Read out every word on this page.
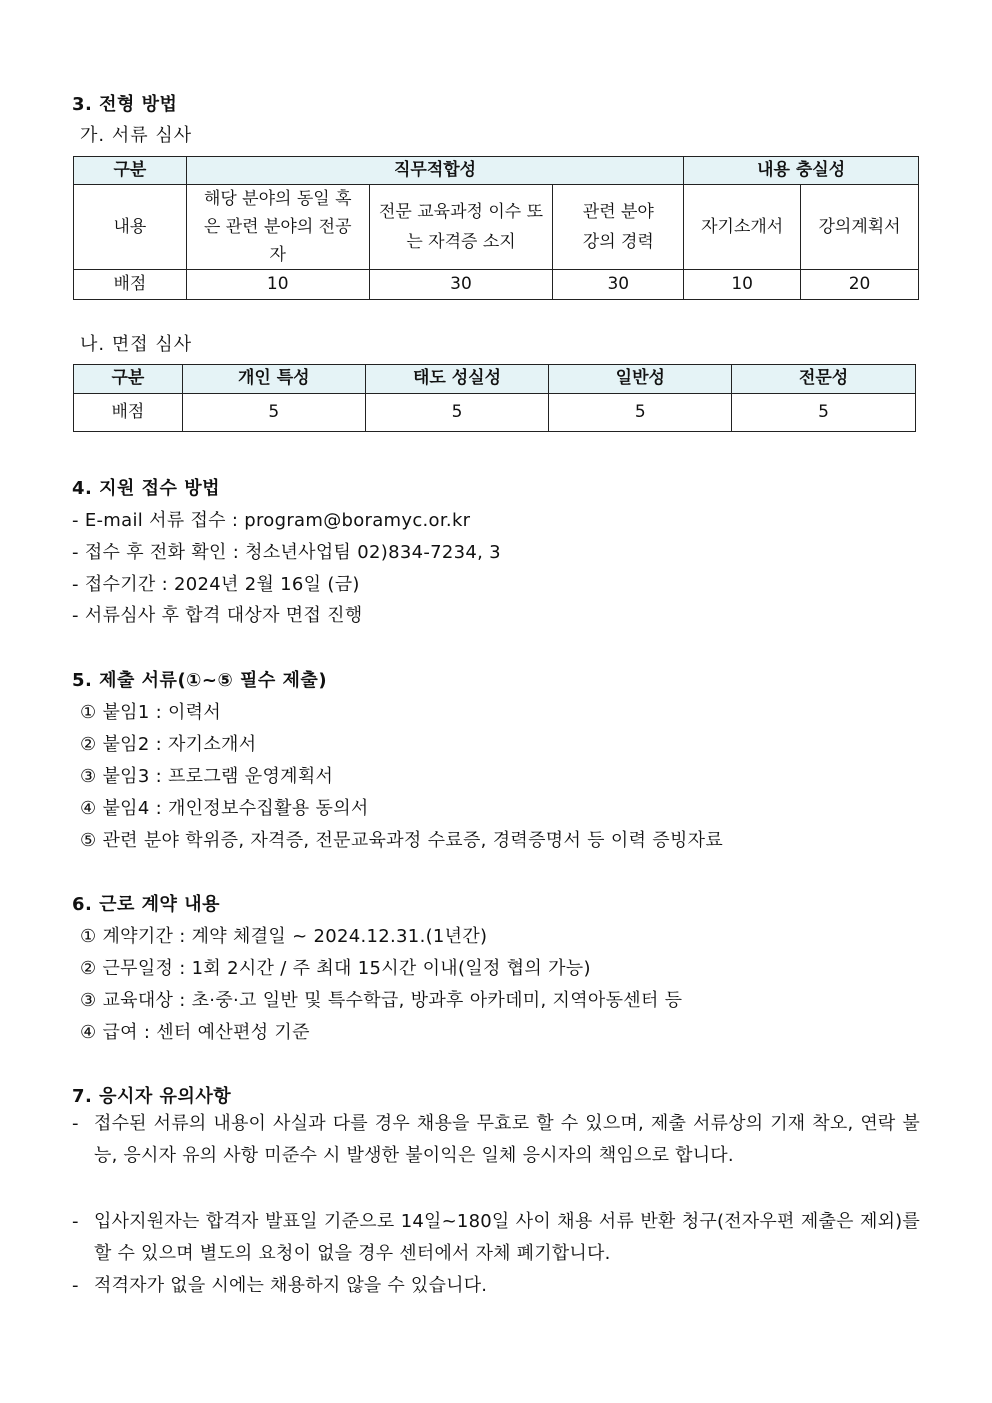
3. 전형 방법
가. 서류 심사
구분	직무적합성			내용 충실성	
내용	해당 분야의 동일 혹은 관련 분야의 전공자	전문 교육과정 이수 또는 자격증 소지	관련 분야 강의 경력	자기소개서	강의계획서
배점	10	30	30	10	20
나. 면접 심사
구분	개인 특성	태도 성실성	일반성	전문성
배점	5	5	5	5
4. 지원 접수 방법
- E-mail 서류 접수 : program@boramyc.or.kr
- 접수 후 전화 확인 : 청소년사업팀 02)834-7234, 3
- 접수기간 : 2024년 2월 16일 (금)
- 서류심사 후 합격 대상자 면접 진행
5. 제출 서류(①~⑤ 필수 제출)
① 붙임1 : 이력서
② 붙임2 : 자기소개서
③ 붙임3 : 프로그램 운영계획서
④ 붙임4 : 개인정보수집활용 동의서
⑤ 관련 분야 학위증, 자격증, 전문교육과정 수료증, 경력증명서 등 이력 증빙자료
6. 근로 계약 내용
① 계약기간 : 계약 체결일 ~ 2024.12.31.(1년간)
② 근무일정 : 1회 2시간 / 주 최대 15시간 이내(일정 협의 가능)
③ 교육대상 : 초·중·고 일반 및 특수학급, 방과후 아카데미, 지역아동센터 등
④ 급여 : 센터 예산편성 기준
7. 응시자 유의사항
- 접수된 서류의 내용이 사실과 다를 경우 채용을 무효로 할 수 있으며, 제출 서류상의 기재 착오, 연락 불능, 응시자 유의 사항 미준수 시 발생한 불이익은 일체 응시자의 책임으로 합니다.
- 입사지원자는 합격자 발표일 기준으로 14일~180일 사이 채용 서류 반환 청구(전자우편 제출은 제외)를 할 수 있으며 별도의 요청이 없을 경우 센터에서 자체 폐기합니다.
- 적격자가 없을 시에는 채용하지 않을 수 있습니다.
